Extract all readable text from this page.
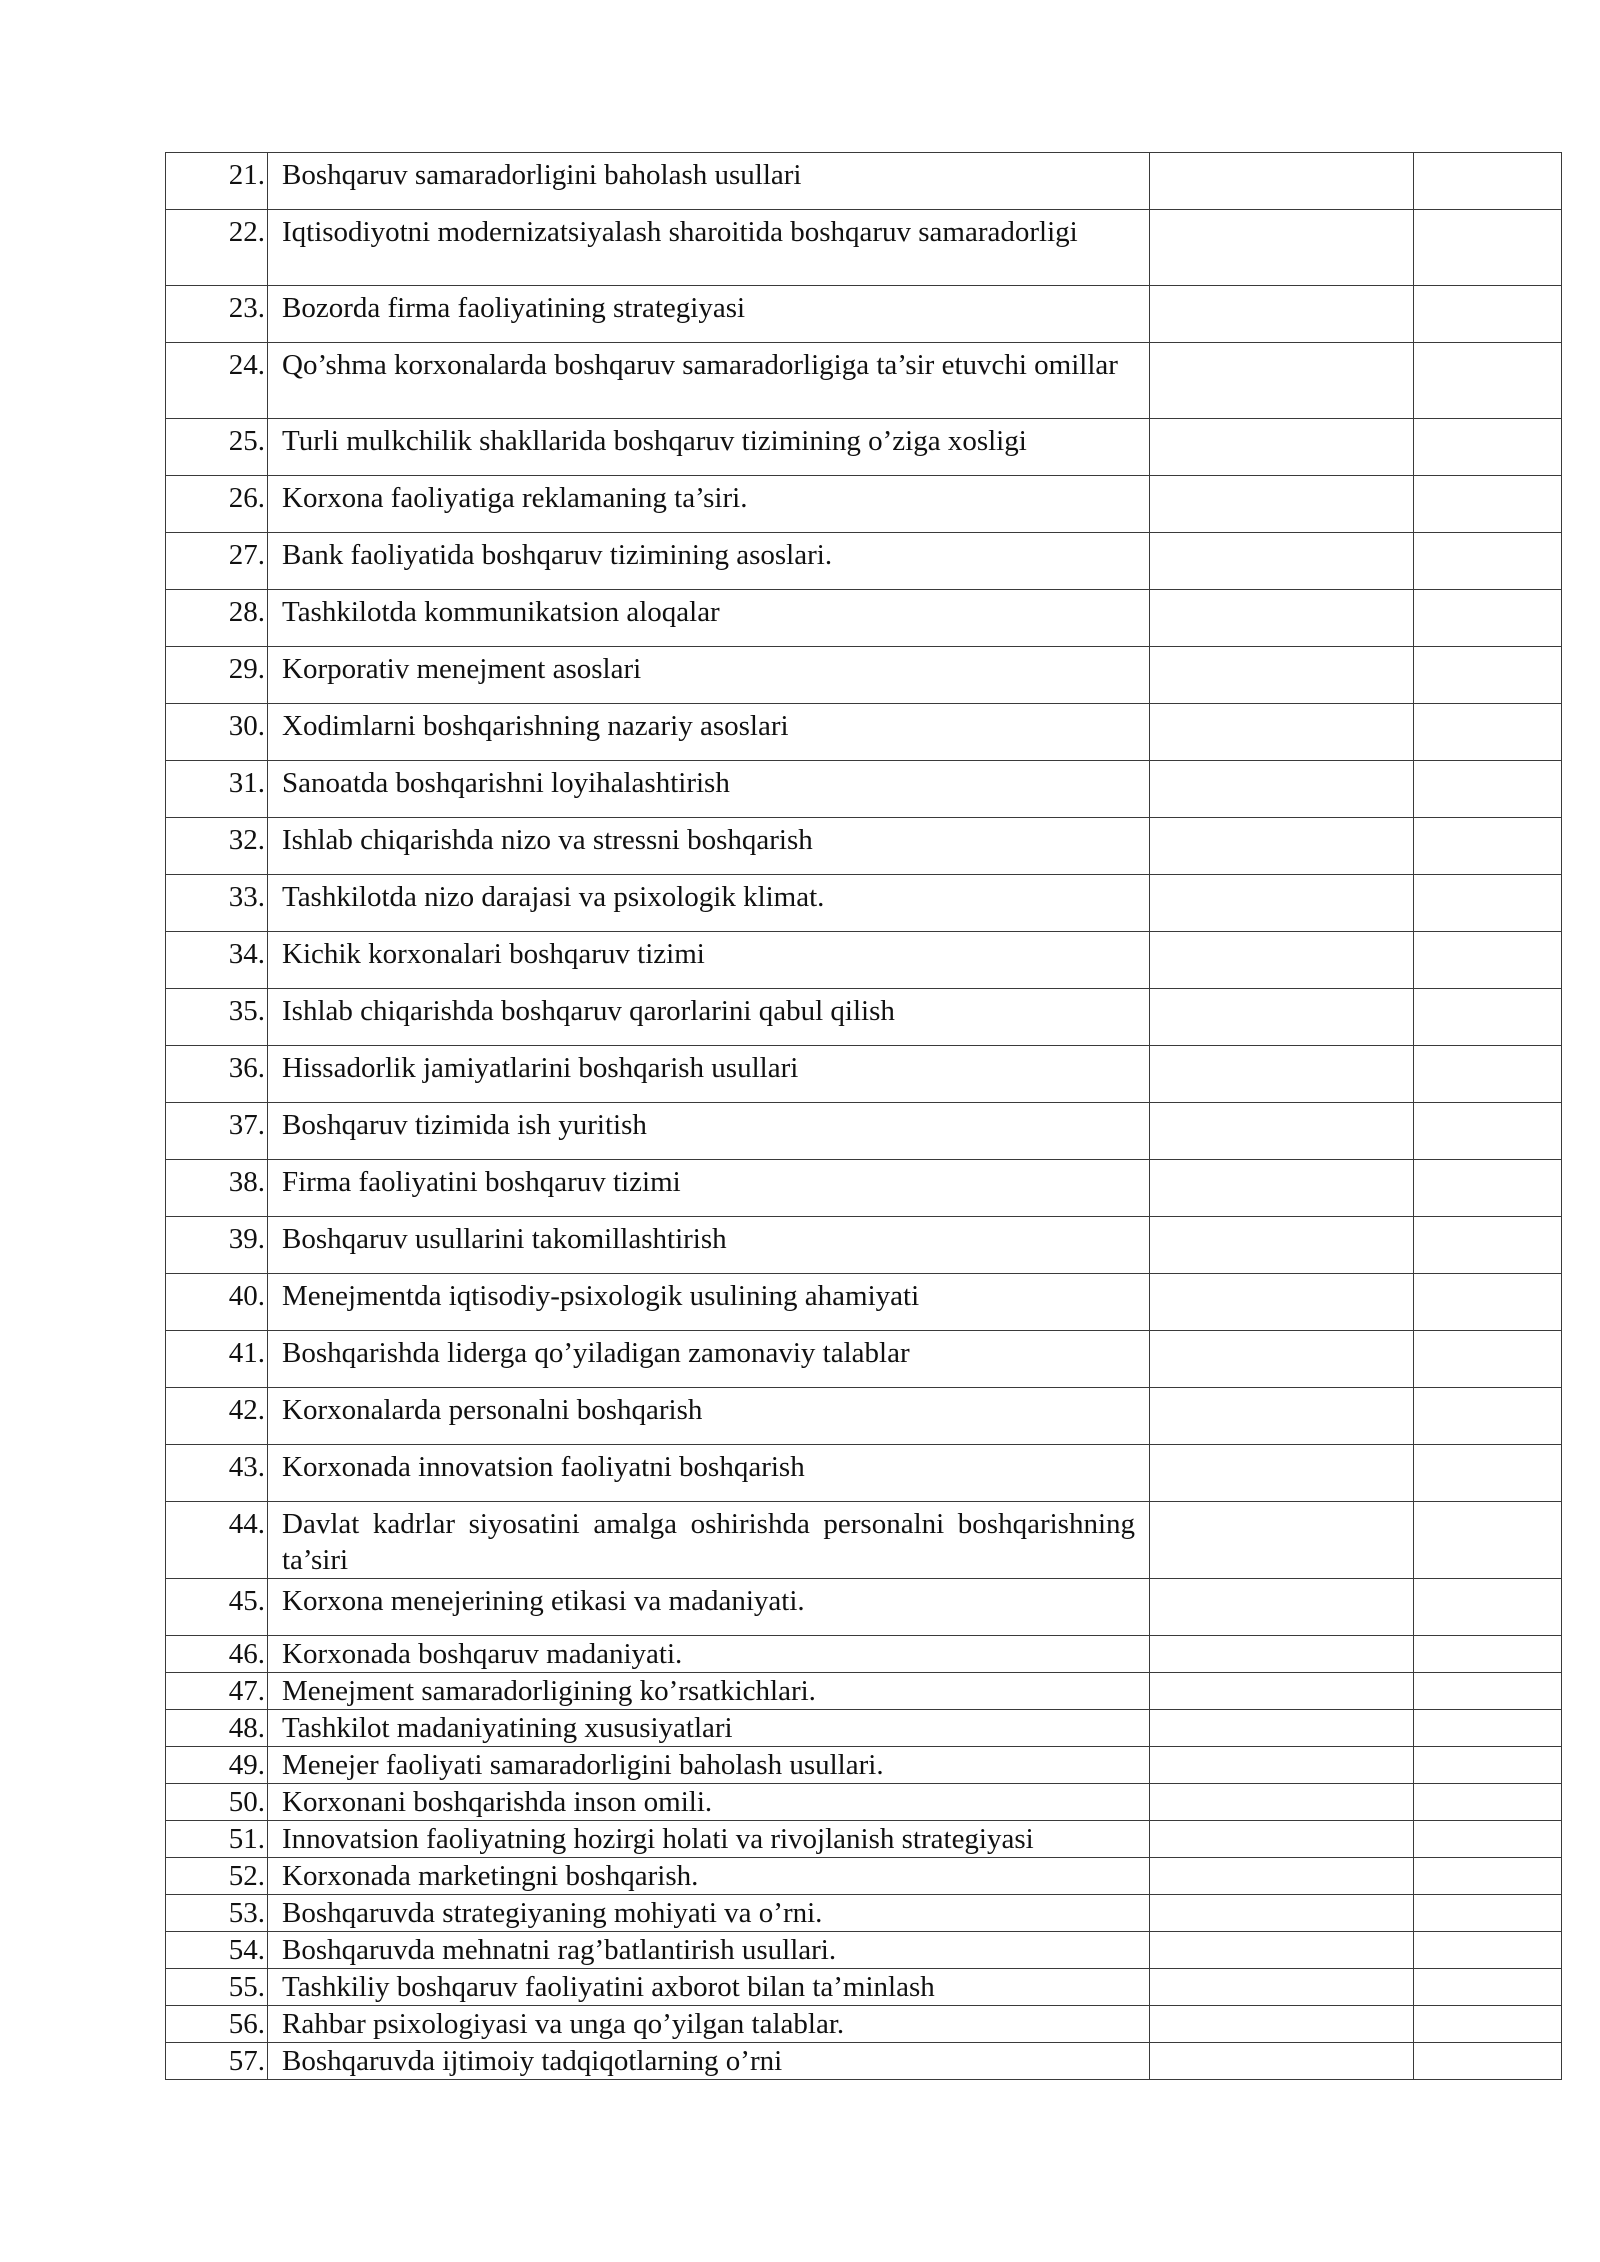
21.	Boshqaruv samaradorligini baholash usullari		
22.	Iqtisodiyotni modernizatsiyalash sharoitida boshqaruv samaradorligi		
23.	Bozorda firma faoliyatining strategiyasi		
24.	Qo’shma korxonalarda boshqaruv samaradorligiga ta’sir etuvchi omillar		
25.	Turli mulkchilik shakllarida boshqaruv tizimining o’ziga xosligi		
26.	Korxona faoliyatiga reklamaning ta’siri.		
27.	Bank faoliyatida boshqaruv tizimining asoslari.		
28.	Tashkilotda kommunikatsion aloqalar		
29.	Korporativ menejment asoslari		
30.	Xodimlarni boshqarishning nazariy asoslari		
31.	Sanoatda boshqarishni loyihalashtirish		
32.	Ishlab chiqarishda nizo va stressni boshqarish		
33.	Tashkilotda nizo darajasi va psixologik klimat.		
34.	Kichik korxonalari boshqaruv tizimi		
35.	Ishlab chiqarishda boshqaruv qarorlarini qabul qilish		
36.	Hissadorlik jamiyatlarini boshqarish usullari		
37.	Boshqaruv tizimida ish yuritish		
38.	Firma faoliyatini boshqaruv tizimi		
39.	Boshqaruv usullarini takomillashtirish		
40.	Menejmentda iqtisodiy-psixologik usulining ahamiyati		
41.	Boshqarishda liderga qo’yiladigan zamonaviy talablar		
42.	Korxonalarda personalni boshqarish		
43.	Korxonada innovatsion faoliyatni boshqarish		
44.	Davlat kadrlar siyosatini amalga oshirishda personalni boshqarishning ta’siri		
45.	Korxona menejerining etikasi va madaniyati.		
46.	Korxonada boshqaruv madaniyati.		
47.	Menejment samaradorligining ko’rsatkichlari.		
48.	Tashkilot madaniyatining xususiyatlari		
49.	Menejer faoliyati samaradorligini baholash usullari.		
50.	Korxonani boshqarishda inson omili.		
51.	Innovatsion faoliyatning hozirgi holati va rivojlanish strategiyasi		
52.	Korxonada marketingni boshqarish.		
53.	Boshqaruvda strategiyaning mohiyati va o’rni.		
54.	Boshqaruvda mehnatni rag’batlantirish usullari.		
55.	Tashkiliy boshqaruv faoliyatini axborot bilan ta’minlash		
56.	Rahbar psixologiyasi va unga qo’yilgan talablar.		
57.	Boshqaruvda ijtimoiy tadqiqotlarning o’rni		
